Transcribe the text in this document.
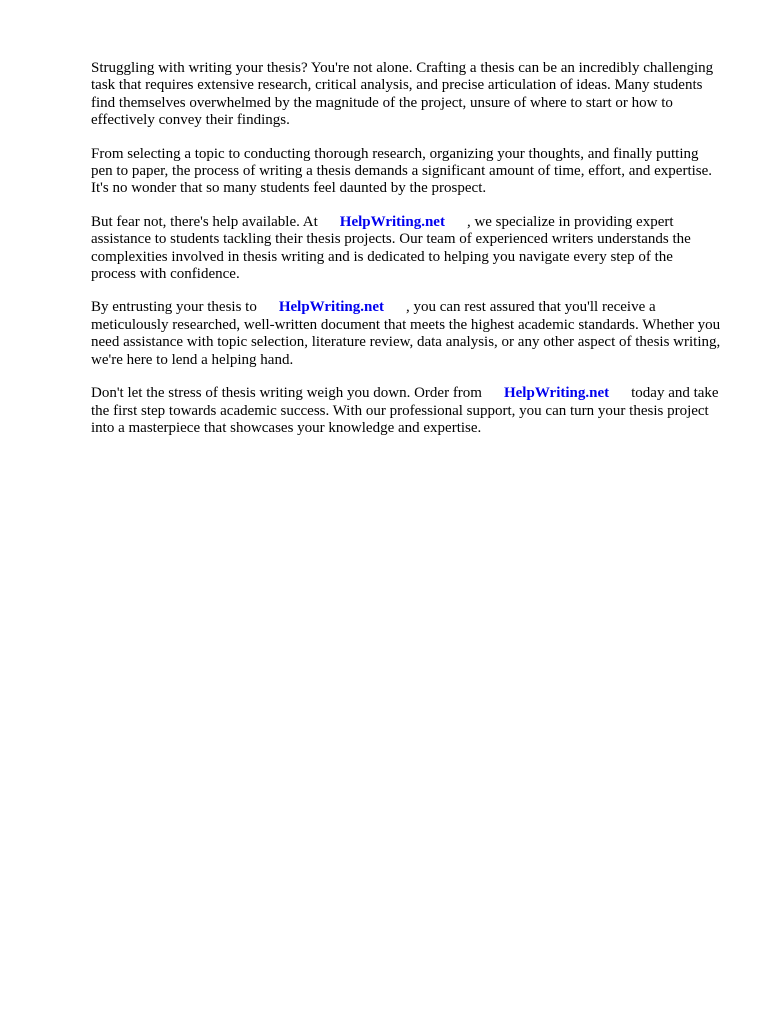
Struggling with writing your thesis? You're not alone. Crafting a thesis can be an incredibly challenging task that requires extensive research, critical analysis, and precise articulation of ideas. Many students find themselves overwhelmed by the magnitude of the project, unsure of where to start or how to effectively convey their findings.

From selecting a topic to conducting thorough research, organizing your thoughts, and finally putting pen to paper, the process of writing a thesis demands a significant amount of time, effort, and expertise. It's no wonder that so many students feel daunted by the prospect.

But fear not, there's help available. At HelpWriting.net , we specialize in providing expert assistance to students tackling their thesis projects. Our team of experienced writers understands the complexities involved in thesis writing and is dedicated to helping you navigate every step of the process with confidence.

By entrusting your thesis to HelpWriting.net , you can rest assured that you'll receive a meticulously researched, well-written document that meets the highest academic standards. Whether you need assistance with topic selection, literature review, data analysis, or any other aspect of thesis writing, we're here to lend a helping hand.

Don't let the stress of thesis writing weigh you down. Order from HelpWriting.net today and take the first step towards academic success. With our professional support, you can turn your thesis project into a masterpiece that showcases your knowledge and expertise.
